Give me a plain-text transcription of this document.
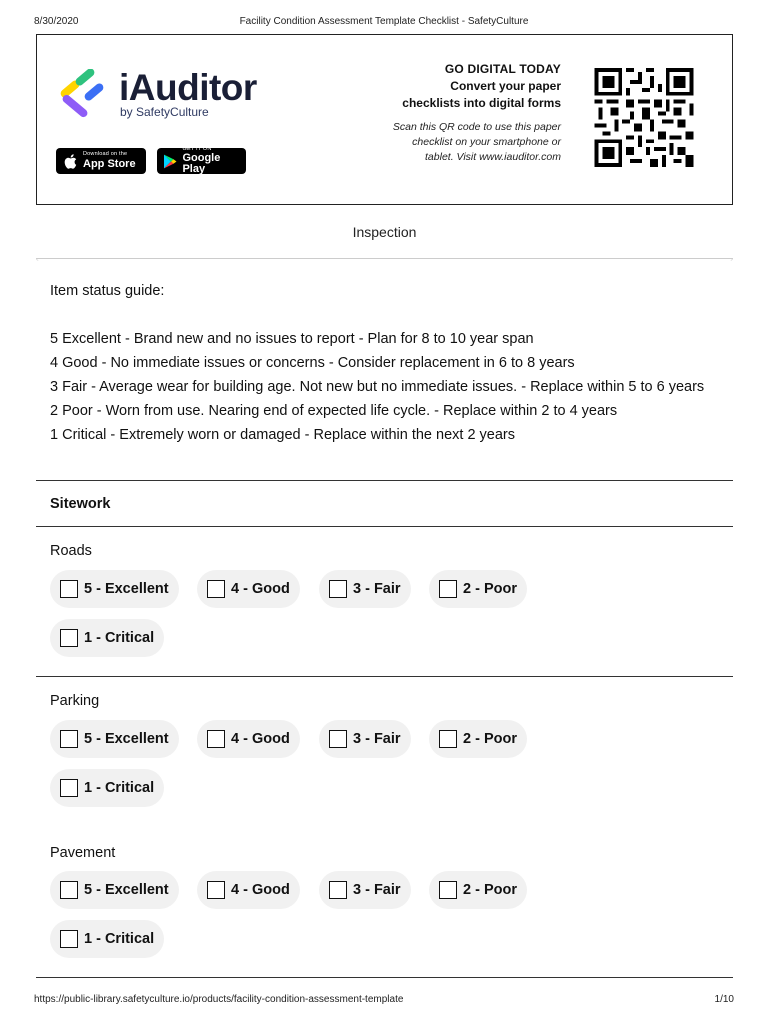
8/30/2020	Facility Condition Assessment Template Checklist - SafetyCulture
iAuditor
by SafetyCulture
Download on the
App Store
GET IT ON
Google Play
GO DIGITAL TODAY
Convert your paper
checklists into digital forms
Scan this QR code to use this paper checklist on your smartphone or tablet. Visit www.iauditor.com
Inspection
Item status guide:
5 Excellent - Brand new and no issues to report - Plan for 8 to 10 year span
4 Good - No immediate issues or concerns - Consider replacement in 6 to 8 years
3 Fair - Average wear for building age. Not new but no immediate issues. - Replace within 5 to 6 years
2 Poor - Worn from use. Nearing end of expected life cycle. - Replace within 2 to 4 years
1 Critical - Extremely worn or damaged - Replace within the next 2 years
Sitework
Roads
5 - Excellent	4 - Good	3 - Fair	2 - Poor
1 - Critical
Parking
5 - Excellent	4 - Good	3 - Fair	2 - Poor
1 - Critical
Pavement
5 - Excellent	4 - Good	3 - Fair	2 - Poor
1 - Critical
https://public-library.safetyculture.io/products/facility-condition-assessment-template	1/10
